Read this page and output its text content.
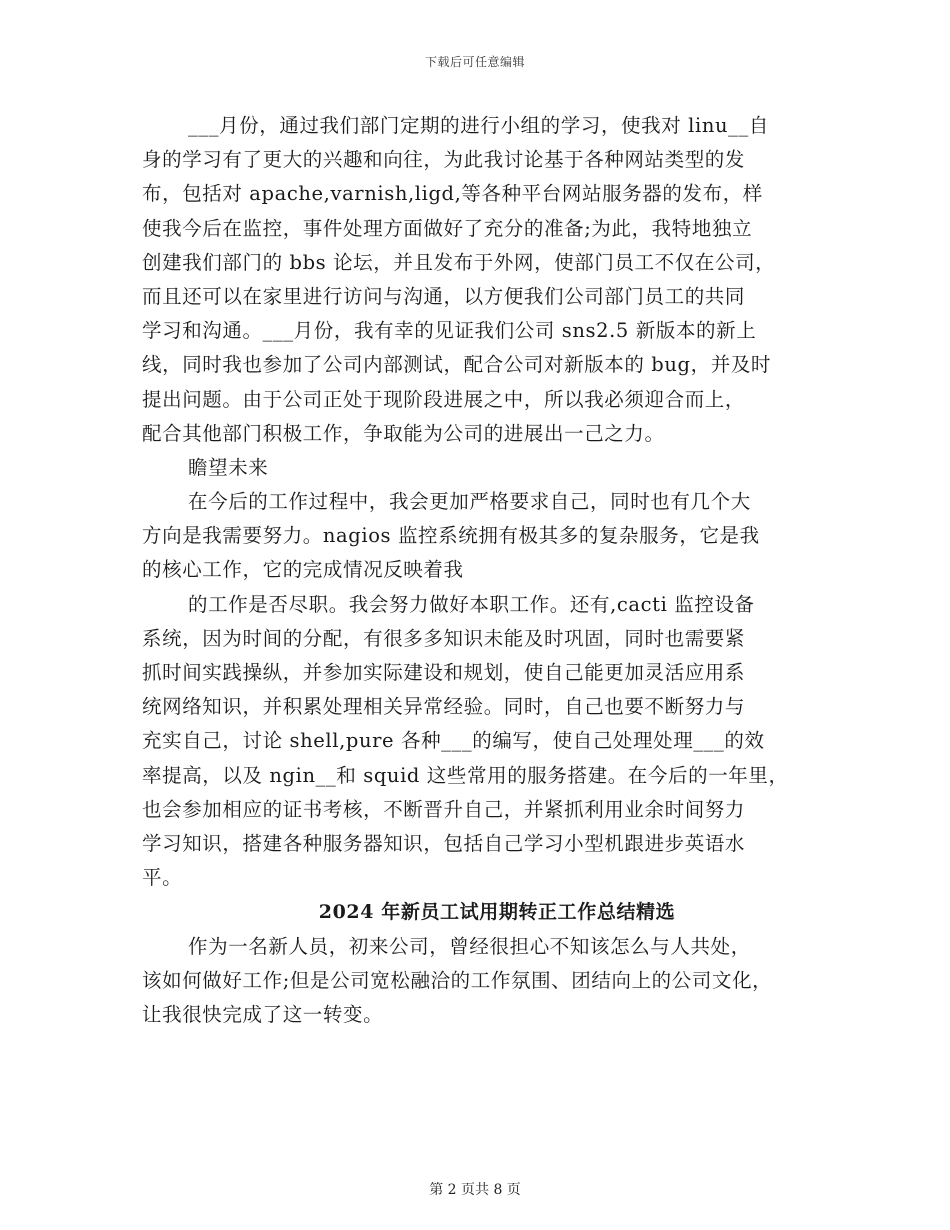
下载后可任意编辑
___月份，通过我们部门定期的进行小组的学习，使我对 linu__自
身的学习有了更大的兴趣和向往，为此我讨论基于各种网站类型的发
布，包括对 apache,varnish,ligd,等各种平台网站服务器的发布，样
使我今后在监控，事件处理方面做好了充分的准备;为此，我特地独立
创建我们部门的 bbs 论坛，并且发布于外网，使部门员工不仅在公司，
而且还可以在家里进行访问与沟通，以方便我们公司部门员工的共同
学习和沟通。___月份，我有幸的见证我们公司 sns2.5 新版本的新上
线，同时我也参加了公司内部测试，配合公司对新版本的 bug，并及时
提出问题。由于公司正处于现阶段进展之中，所以我必须迎合而上，
配合其他部门积极工作，争取能为公司的进展出一己之力。
瞻望未来
在今后的工作过程中，我会更加严格要求自己，同时也有几个大
方向是我需要努力。nagios 监控系统拥有极其多的复杂服务，它是我
的核心工作，它的完成情况反映着我
的工作是否尽职。我会努力做好本职工作。还有,cacti 监控设备
系统，因为时间的分配，有很多多知识未能及时巩固，同时也需要紧
抓时间实践操纵，并参加实际建设和规划，使自己能更加灵活应用系
统网络知识，并积累处理相关异常经验。同时，自己也要不断努力与
充实自己，讨论 shell,pure 各种___的编写，使自己处理处理___的效
率提高，以及 ngin__和 squid 这些常用的服务搭建。在今后的一年里，
也会参加相应的证书考核，不断晋升自己，并紧抓利用业余时间努力
学习知识，搭建各种服务器知识，包括自己学习小型机跟进步英语水
平。
2024 年新员工试用期转正工作总结精选
作为一名新人员，初来公司，曾经很担心不知该怎么与人共处，
该如何做好工作;但是公司宽松融洽的工作氛围、团结向上的公司文化，
让我很快完成了这一转变。
第 2 页共 8 页
